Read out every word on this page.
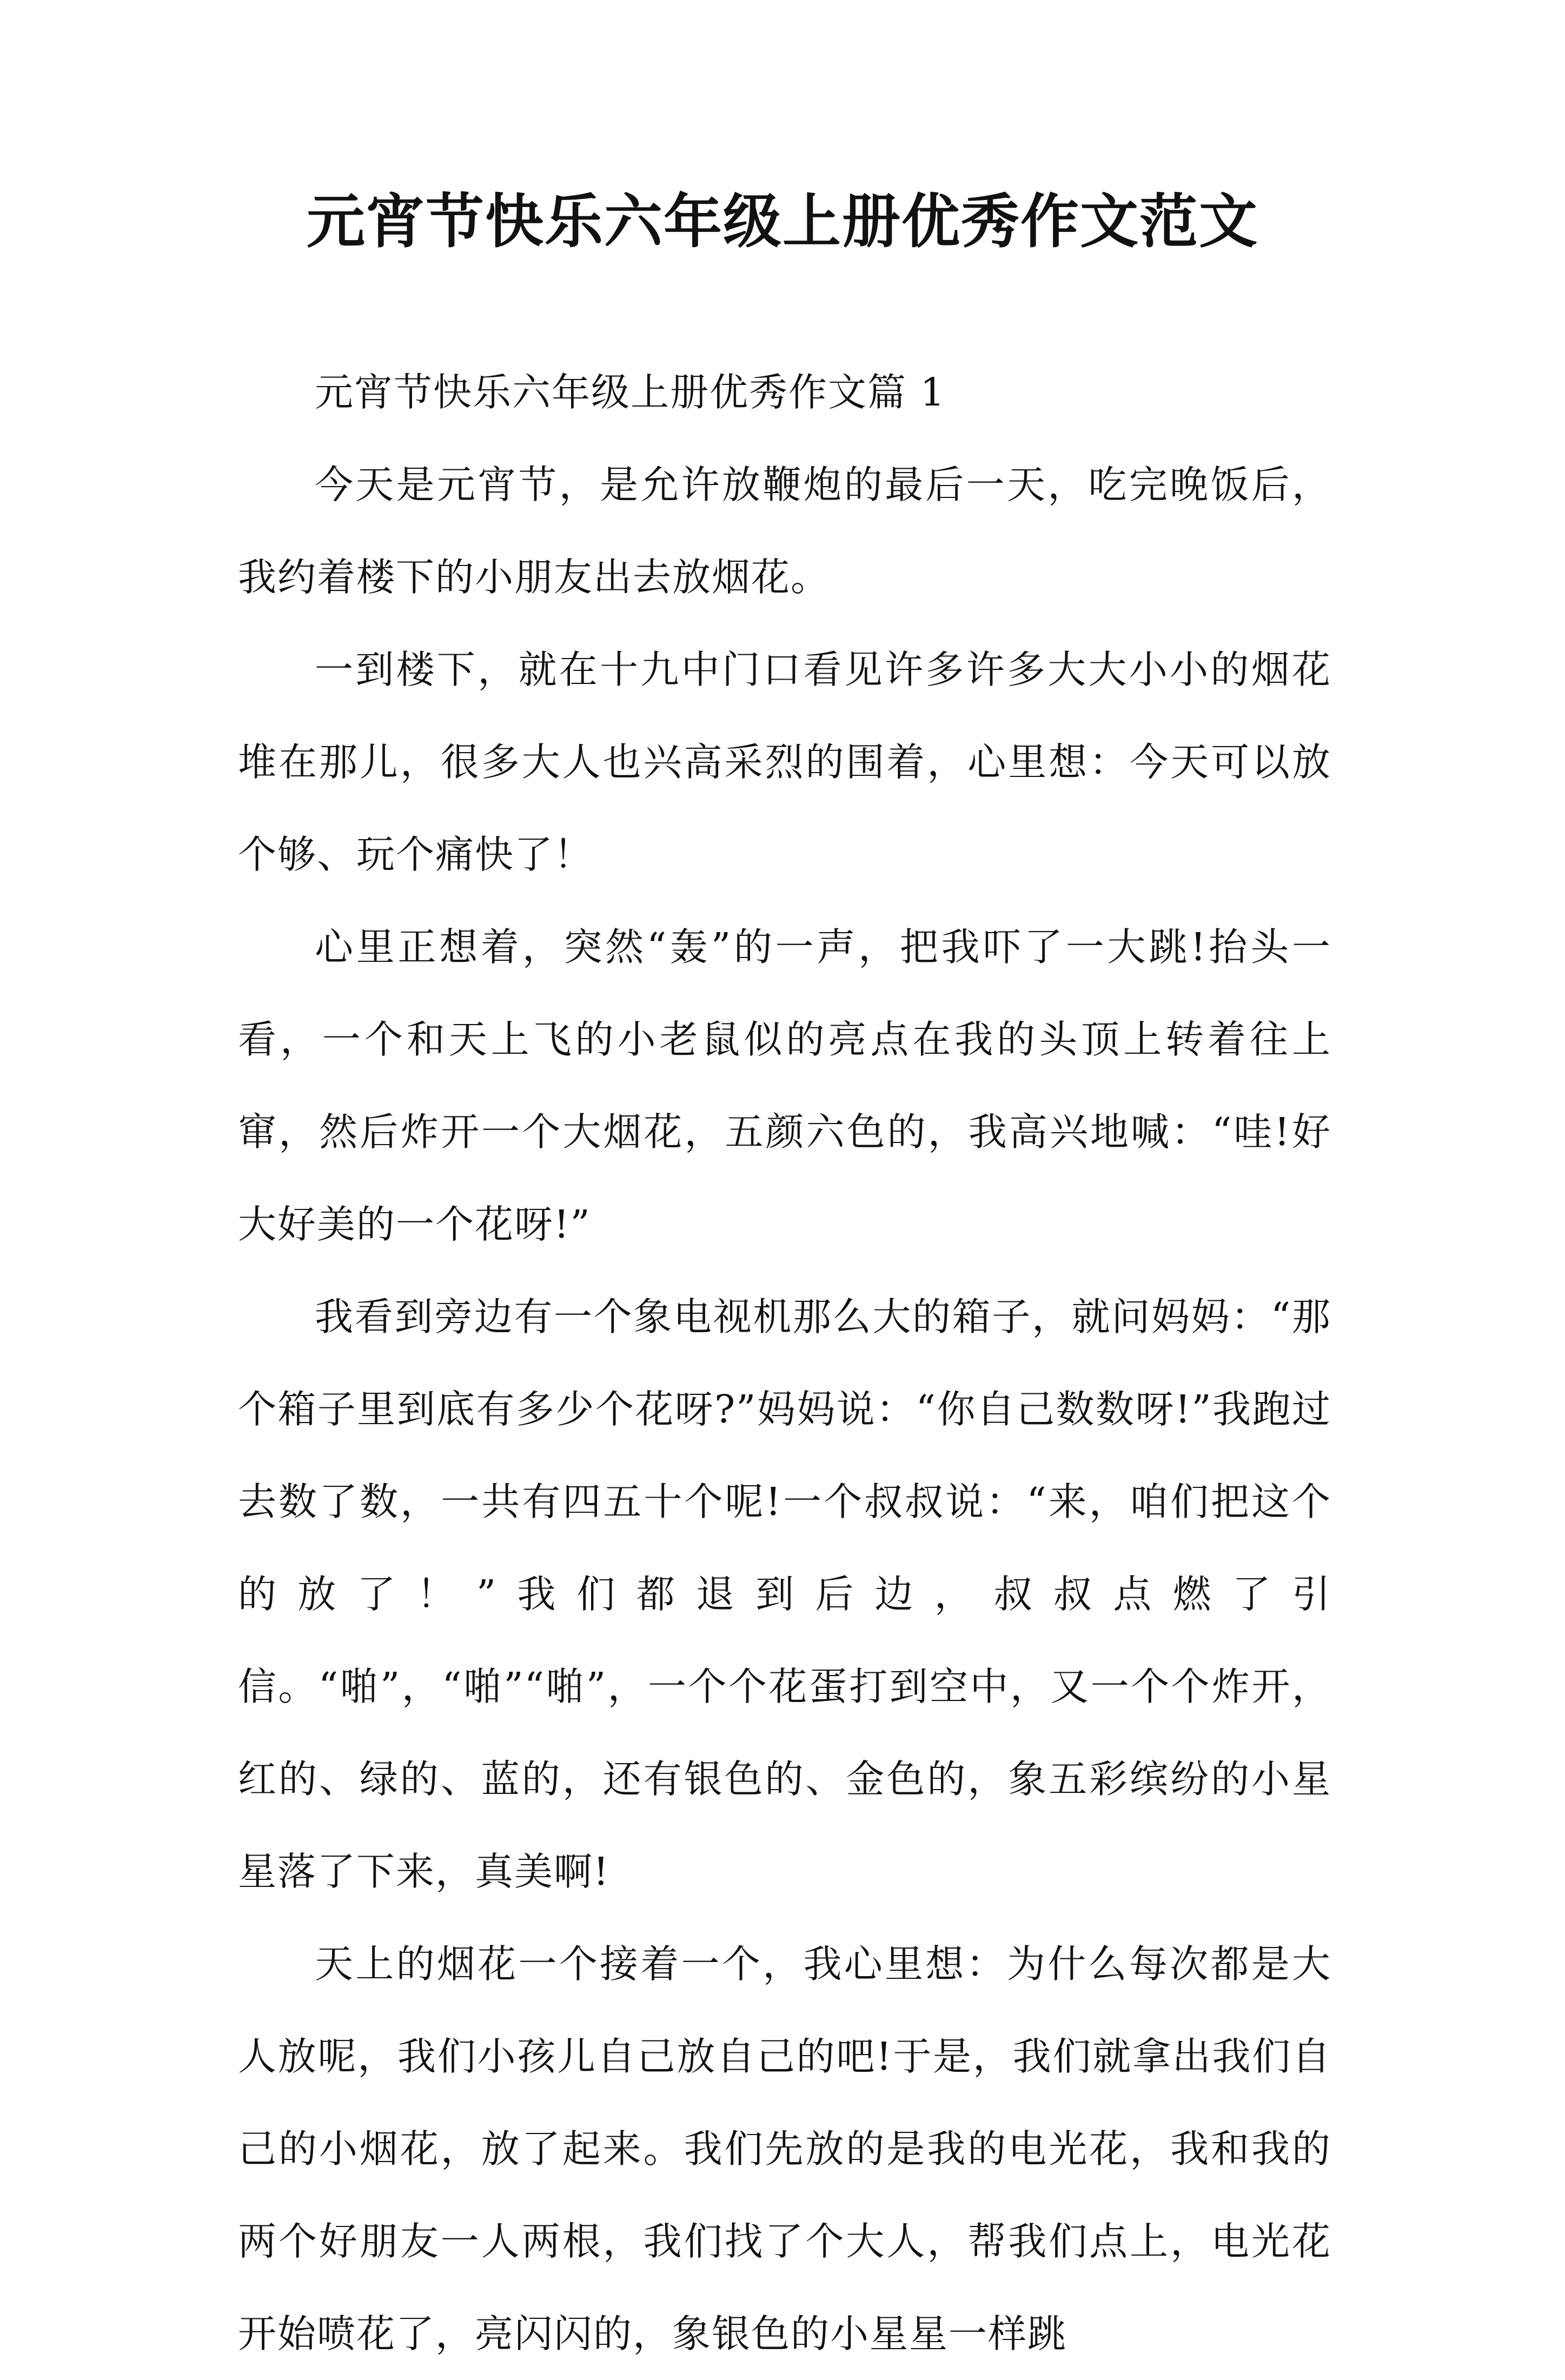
元宵节快乐六年级上册优秀作文范文

元宵节快乐六年级上册优秀作文篇 1

今天是元宵节，是允许放鞭炮的最后一天，吃完晚饭后，我约着楼下的小朋友出去放烟花。

一到楼下，就在十九中门口看见许多许多大大小小的烟花堆在那儿，很多大人也兴高采烈的围着，心里想：今天可以放个够、玩个痛快了！

心里正想着，突然“轰”的一声，把我吓了一大跳!抬头一看，一个和天上飞的小老鼠似的亮点在我的头顶上转着往上窜，然后炸开一个大烟花，五颜六色的，我高兴地喊：“哇!好大好美的一个花呀!”

我看到旁边有一个象电视机那么大的箱子，就问妈妈：“那个箱子里到底有多少个花呀?”妈妈说：“你自己数数呀!”我跑过去数了数，一共有四五十个呢!一个叔叔说：“来，咱们把这个的放了！”我们都退到后边，叔叔点燃了引信。“啪”，“啪”“啪”，一个个花蛋打到空中，又一个个炸开，红的、绿的、蓝的，还有银色的、金色的，象五彩缤纷的小星星落了下来，真美啊!

天上的烟花一个接着一个，我心里想：为什么每次都是大人放呢，我们小孩儿自己放自己的吧!于是，我们就拿出我们自己的小烟花，放了起来。我们先放的是我的电光花，我和我的两个好朋友一人两根，我们找了个大人，帮我们点上，电光花开始喷花了，亮闪闪的，象银色的小星星一样跳
